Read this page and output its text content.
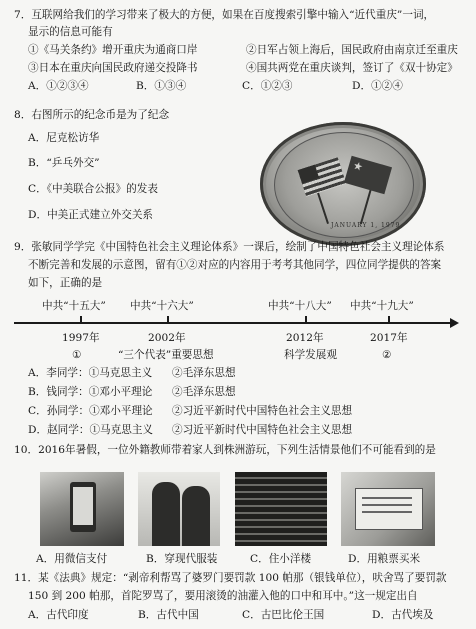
7．互联网给我们的学习带来了极大的方便，如果在百度搜索引擎中输入“近代重庆”一词，
显示的信息可能有
①《马关条约》增开重庆为通商口岸	②日军占领上海后，国民政府由南京迁至重庆
③日本在重庆向国民政府递交投降书	④国共两党在重庆谈判，签订了《双十协定》
A．①②③④	B．①③④	C．①②③	D．①②④
8．右图所示的纪念币是为了纪念
A．尼克松访华
B．“乒乓外交”
C．《中美联合公报》的发表
D．中美正式建立外交关系
★
JANUARY 1, 1979
9．张敏同学学完《中国特色社会主义理论体系》一课后，绘制了中国特色社会主义理论体系
不断完善和发展的示意图，留有①②对应的内容用于考考其他同学，四位同学提供的答案
如下，正确的是
中共“十五大” 中共“十六大”	中共“十八大” 中共“十九大”
1997年	2002年	2012年	2017年
①	“三个代表”重要思想	科学发展观	②
A．李同学：①马克思主义 ②毛泽东思想
B．钱同学：①邓小平理论 ②毛泽东思想
C．孙同学：①邓小平理论 ②习近平新时代中国特色社会主义思想
D．赵同学：①马克思主义 ②习近平新时代中国特色社会主义思想
10．2016年暑假，一位外籍教师带着家人到株洲游玩，下列生活情景他们不可能看到的是
A．用微信支付	B．穿现代服装	C．住小洋楼	D．用粮票买米
11．某《法典》规定：“剥帝利帮骂了婆罗门要罚款 100 帕那（银钱单位），吠舍骂了要罚款
150 到 200 帕那，首陀罗骂了，要用滚烫的油灌入他的口中和耳中。”这一规定出自
A．古代印度	B．古代中国	C．古巴比伦王国	D．古代埃及
